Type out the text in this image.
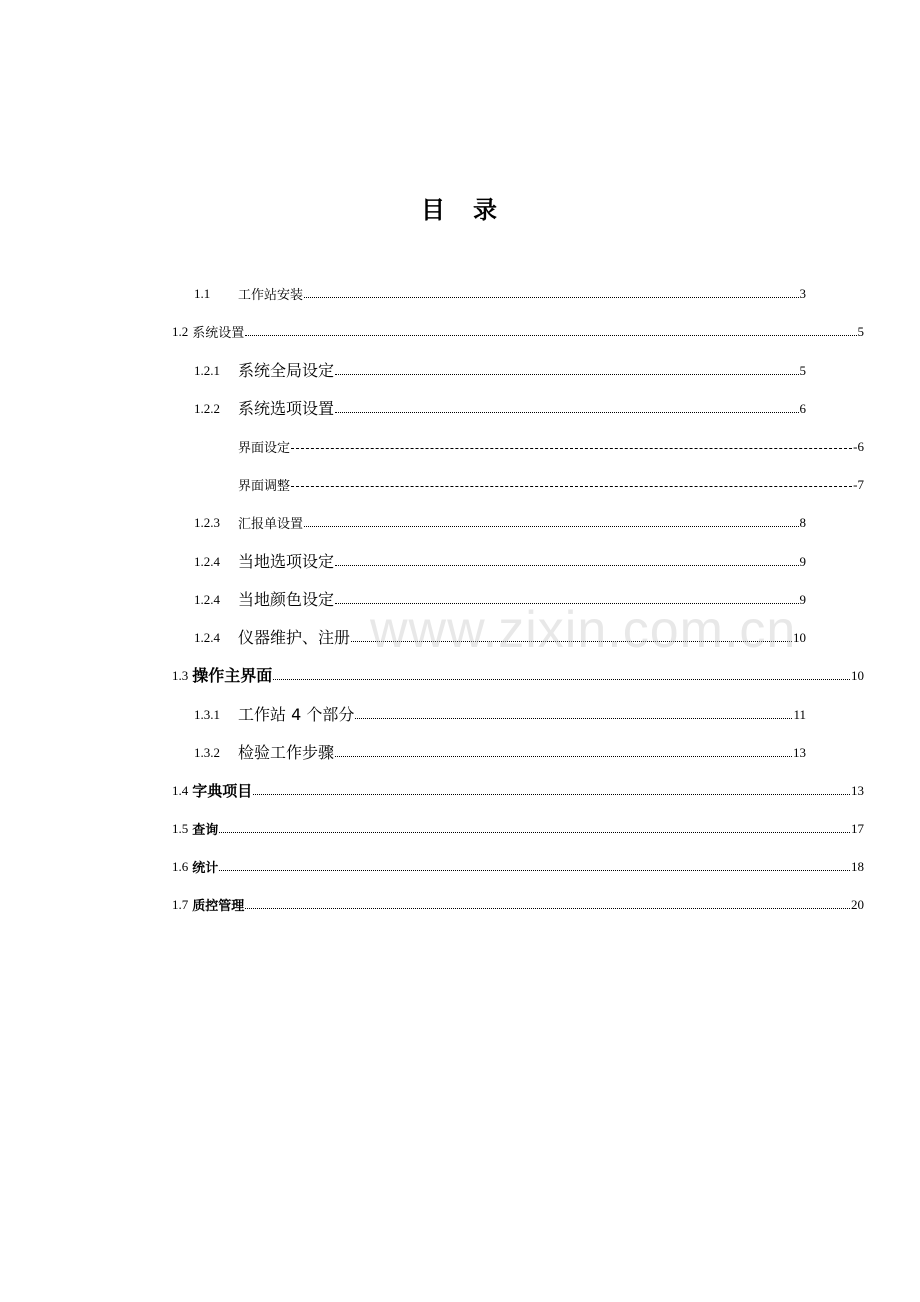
目　录
1.1	工作站安装	3
1.2 系统设置	5
1.2.1	系统全局设定	5
1.2.2	系统选项设置	6
界面设定	-6
界面调整	-7
1.2.3	汇报单设置	8
1.2.4	当地选项设定	9
1.2.4	当地颜色设定	9
1.2.4	仪器维护、注册	10
1.3 操作主界面	10
1.3.1	工作站 4 个部分	11
1.3.2	检验工作步骤	13
1.4 字典项目	13
1.5 查询	17
1.6 统计	18
1.7 质控管理	20
www.zixin.com.cn
